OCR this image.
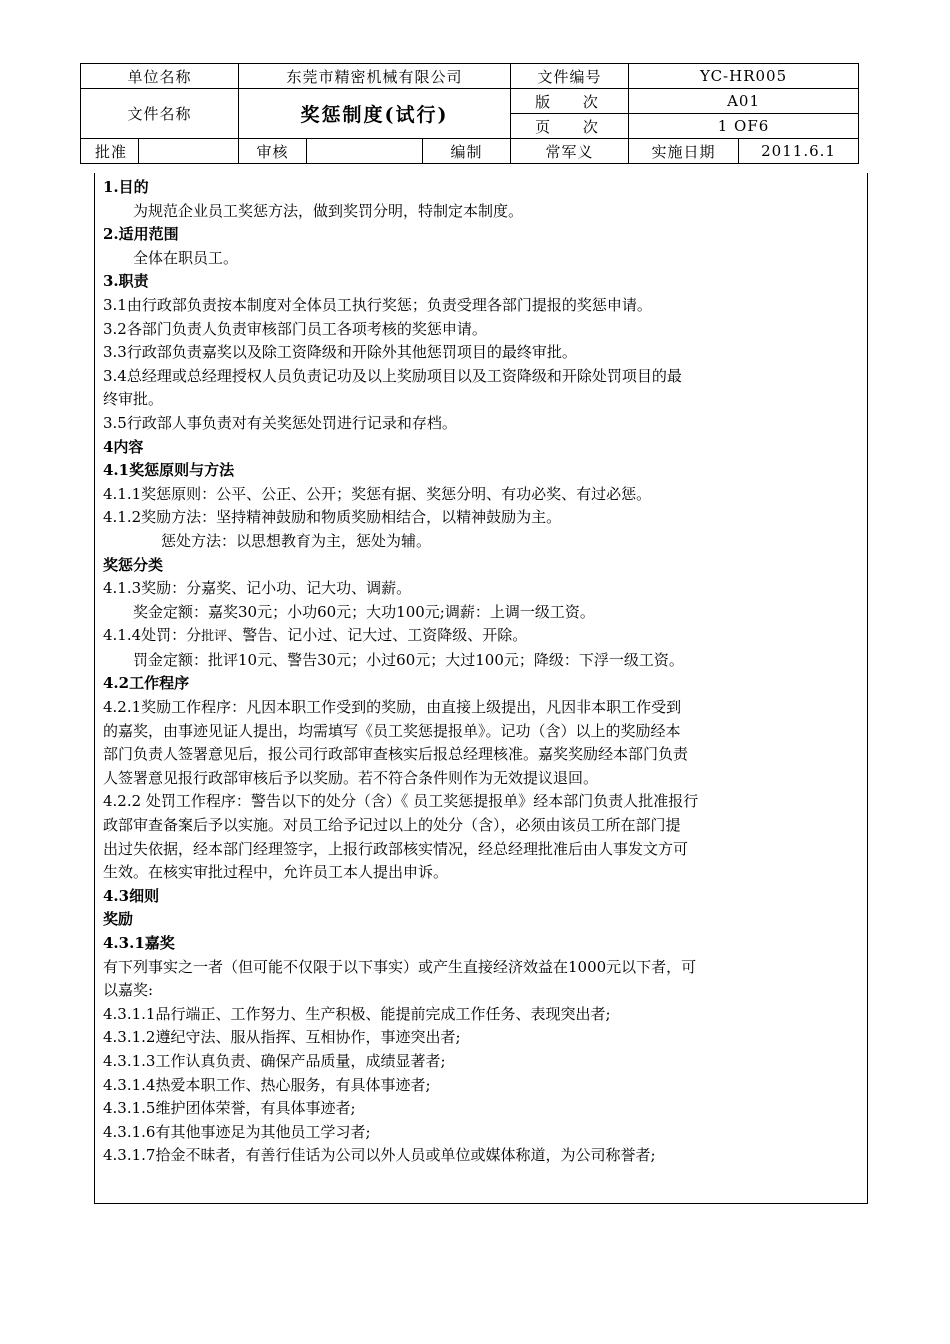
单位名称		东莞市精密机械有限公司			文件编号	YC-HR005	
文件名称		奖惩制度(试行)			版 次	A01	
					页 次	1 OF6	
批准		审核		编制	常军义	实施日期	2011.6.1
1.目的
为规范企业员工奖惩方法，做到奖罚分明，特制定本制度。
2.适用范围
全体在职员工。
3.职责
3.1由行政部负责按本制度对全体员工执行奖惩；负责受理各部门提报的奖惩申请。
3.2各部门负责人负责审核部门员工各项考核的奖惩申请。
3.3行政部负责嘉奖以及除工资降级和开除外其他惩罚项目的最终审批。
3.4总经理或总经理授权人员负责记功及以上奖励项目以及工资降级和开除处罚项目的最
终审批。
3.5行政部人事负责对有关奖惩处罚进行记录和存档。
4内容
4.1奖惩原则与方法
4.1.1奖惩原则：公平、公正、公开；奖惩有据、奖惩分明、有功必奖、有过必惩。
4.1.2奖励方法：坚持精神鼓励和物质奖励相结合，以精神鼓励为主。
惩处方法：以思想教育为主，惩处为辅。
奖惩分类
4.1.3奖励：分嘉奖、记小功、记大功、调薪。
奖金定额：嘉奖30元；小功60元；大功100元;调薪：上调一级工资。
4.1.4处罚：分批评、警告、记小过、记大过、工资降级、开除。
罚金定额：批评10元、警告30元；小过60元；大过100元；降级：下浮一级工资。
4.2工作程序
4.2.1奖励工作程序：凡因本职工作受到的奖励，由直接上级提出，凡因非本职工作受到
的嘉奖，由事迹见证人提出，均需填写《员工奖惩提报单》。记功（含）以上的奖励经本
部门负责人签署意见后，报公司行政部审查核实后报总经理核准。嘉奖奖励经本部门负责
人签署意见报行政部审核后予以奖励。若不符合条件则作为无效提议退回。
4.2.2 处罚工作程序：警告以下的处分（含）《 员工奖惩提报单》经本部门负责人批准报行
政部审查备案后予以实施。对员工给予记过以上的处分（含），必须由该员工所在部门提
出过失依据，经本部门经理签字，上报行政部核实情况，经总经理批准后由人事发文方可
生效。在核实审批过程中，允许员工本人提出申诉。
4.3细则
奖励
4.3.1嘉奖
有下列事实之一者（但可能不仅限于以下事实）或产生直接经济效益在1000元以下者，可
以嘉奖:
4.3.1.1品行端正、工作努力、生产积极、能提前完成工作任务、表现突出者;
4.3.1.2遵纪守法、服从指挥、互相协作，事迹突出者;
4.3.1.3工作认真负责、确保产品质量，成绩显著者;
4.3.1.4热爱本职工作、热心服务，有具体事迹者;
4.3.1.5维护团体荣誉，有具体事迹者;
4.3.1.6有其他事迹足为其他员工学习者;
4.3.1.7拾金不昧者，有善行佳话为公司以外人员或单位或媒体称道，为公司称誉者;
